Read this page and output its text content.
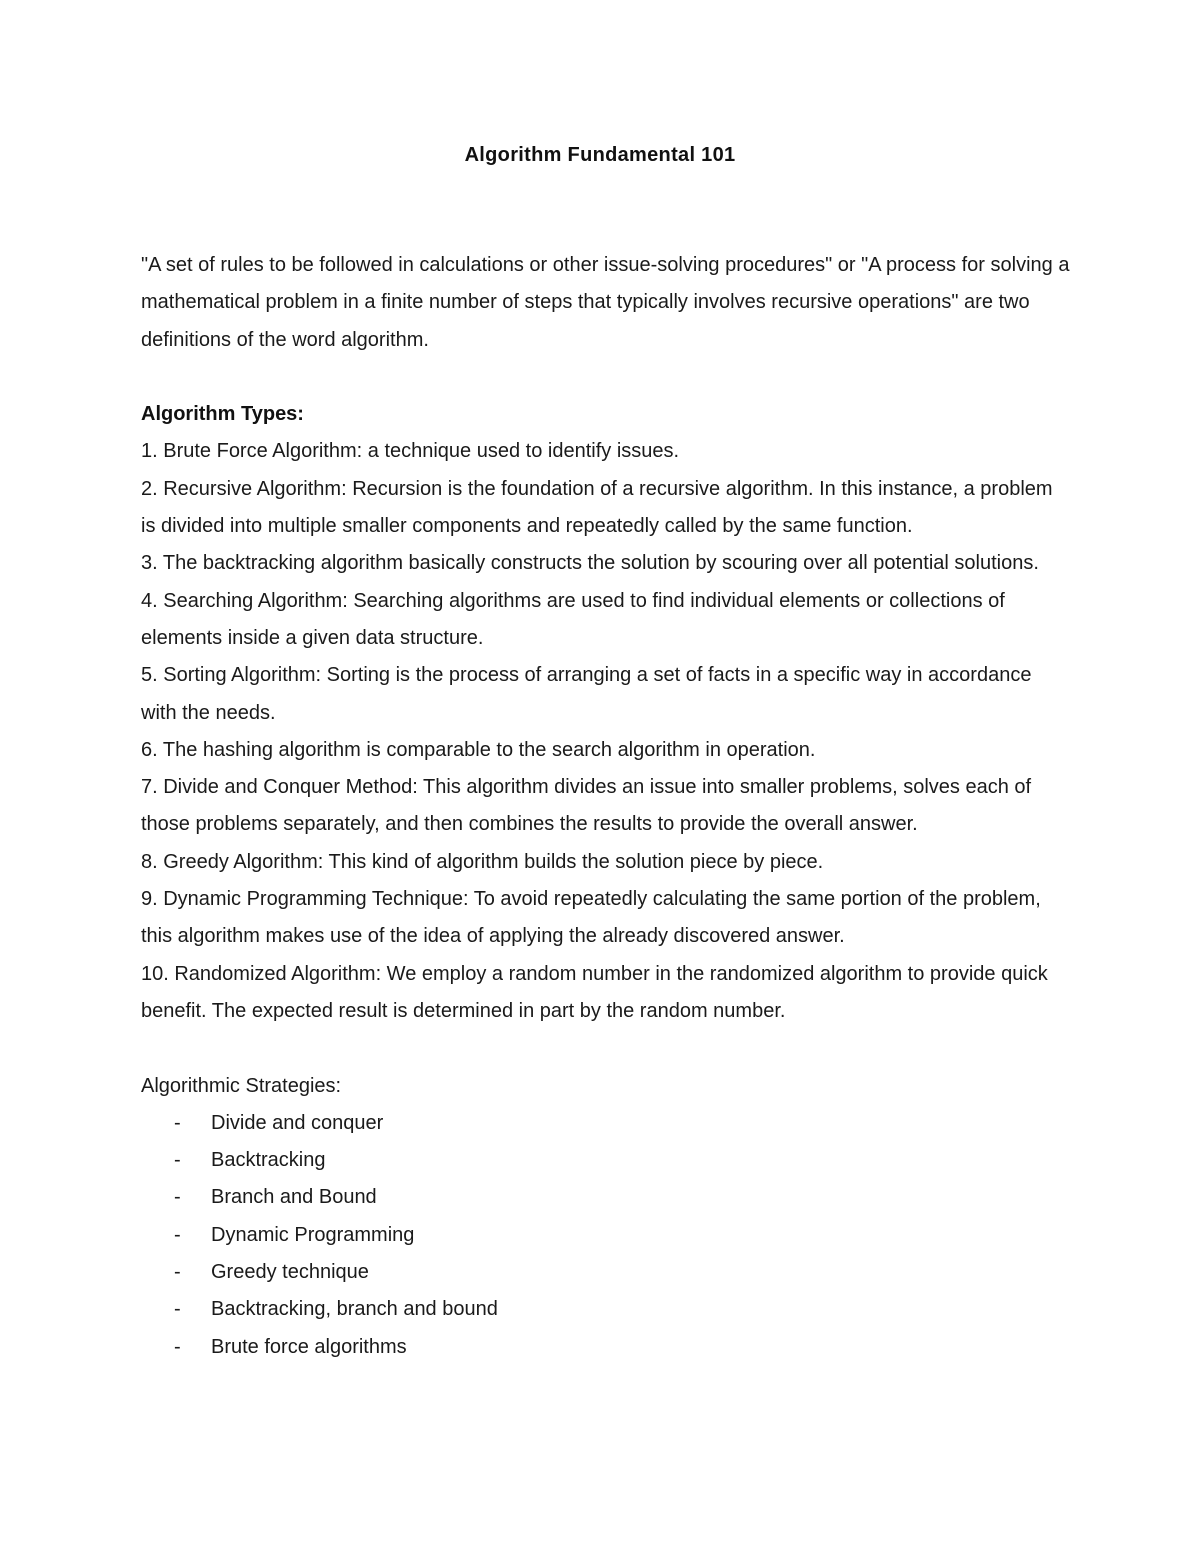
Algorithm Fundamental 101

"A set of rules to be followed in calculations or other issue-solving procedures" or "A process for solving a mathematical problem in a finite number of steps that typically involves recursive operations" are two definitions of the word algorithm.

Algorithm Types:

1. Brute Force Algorithm: a technique used to identify issues.

2. Recursive Algorithm: Recursion is the foundation of a recursive algorithm. In this instance, a problem is divided into multiple smaller components and repeatedly called by the same function.

3. The backtracking algorithm basically constructs the solution by scouring over all potential solutions.

4. Searching Algorithm: Searching algorithms are used to find individual elements or collections of elements inside a given data structure.

5. Sorting Algorithm: Sorting is the process of arranging a set of facts in a specific way in accordance with the needs.

6. The hashing algorithm is comparable to the search algorithm in operation.

7. Divide and Conquer Method: This algorithm divides an issue into smaller problems, solves each of those problems separately, and then combines the results to provide the overall answer.

8. Greedy Algorithm: This kind of algorithm builds the solution piece by piece.

9. Dynamic Programming Technique: To avoid repeatedly calculating the same portion of the problem, this algorithm makes use of the idea of applying the already discovered answer.

10. Randomized Algorithm: We employ a random number in the randomized algorithm to provide quick benefit. The expected result is determined in part by the random number.

Algorithmic Strategies:

- Divide and conquer
- Backtracking
- Branch and Bound
- Dynamic Programming
- Greedy technique
- Backtracking, branch and bound
- Brute force algorithms
